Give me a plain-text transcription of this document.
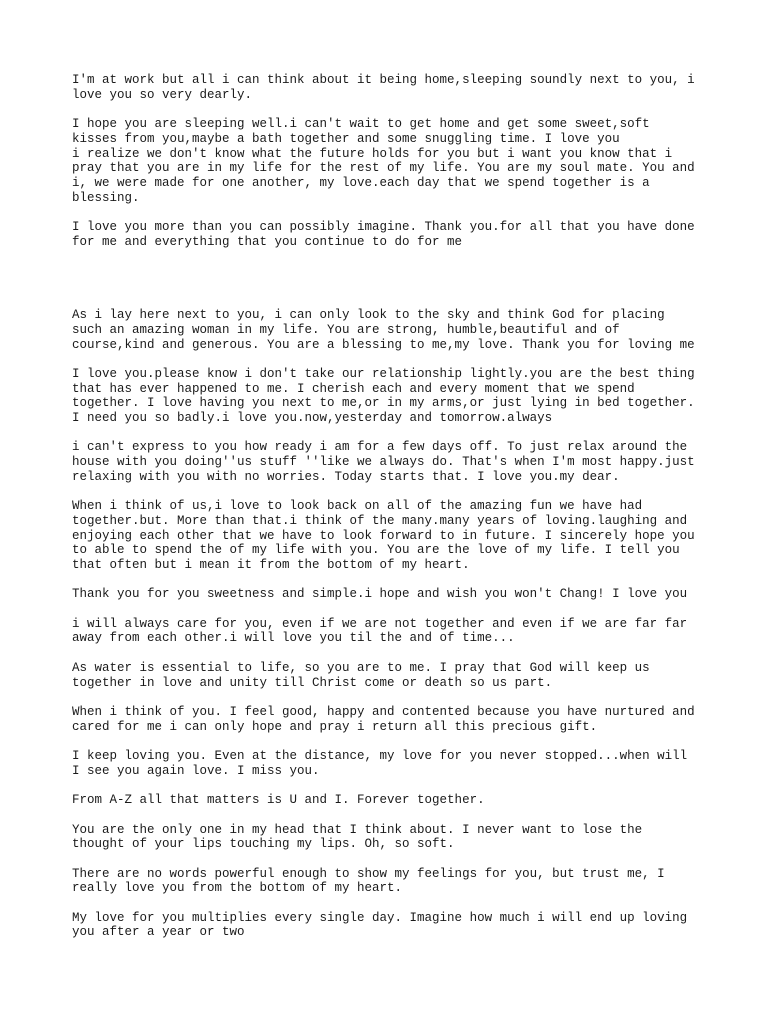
I'm at work but all i can think about it being home,sleeping soundly next to you, i
love you so very dearly.
I hope you are sleeping well.i can't wait to get home and get some sweet,soft
kisses from you,maybe a bath together and some snuggling time. I love you
i realize we don't know what the future holds for you but i want you know that i
pray that you are in my life for the rest of my life. You are my soul mate. You and
i, we were made for one another, my love.each day that we spend together is a
blessing.
I love you more than you can possibly imagine. Thank you.for all that you have done
for me and everything that you continue to do for me
As i lay here next to you, i can only look to the sky and think God for placing
such an amazing woman in my life. You are strong, humble,beautiful and of
course,kind and generous. You are a blessing to me,my love. Thank you for loving me
I love you.please know i don't take our relationship lightly.you are the best thing
that has ever happened to me. I cherish each and every moment that we spend
together. I love having you next to me,or in my arms,or just lying in bed together.
I need you so badly.i love you.now,yesterday and tomorrow.always
i can't express to you how ready i am for a few days off. To just relax around the
house with you doing''us stuff ''like we always do. That's when I'm most happy.just
relaxing with you with no worries. Today starts that. I love you.my dear.
When i think of us,i love to look back on all of the amazing fun we have had
together.but. More than that.i think of the many.many years of loving.laughing and
enjoying each other that we have to look forward to in future. I sincerely hope you
to able to spend the of my life with you. You are the love of my life. I tell you
that often but i mean it from the bottom of my heart.
Thank you for you sweetness and simple.i hope and wish you won't Chang! I love you
i will always care for you, even if we are not together and even if we are far far
away from each other.i will love you til the and of time...
As water is essential to life, so you are to me. I pray that God will keep us
together in love and unity till Christ come or death so us part.
When i think of you. I feel good, happy and contented because you have nurtured and
cared for me i can only hope and pray i return all this precious gift.
I keep loving you. Even at the distance, my love for you never stopped...when will
I see you again love. I miss you.
From A-Z all that matters is U and I. Forever together.
You are the only one in my head that I think about. I never want to lose the
thought of your lips touching my lips. Oh, so soft.
There are no words powerful enough to show my feelings for you, but trust me, I
really love you from the bottom of my heart.
My love for you multiplies every single day. Imagine how much i will end up loving
you after a year or two
